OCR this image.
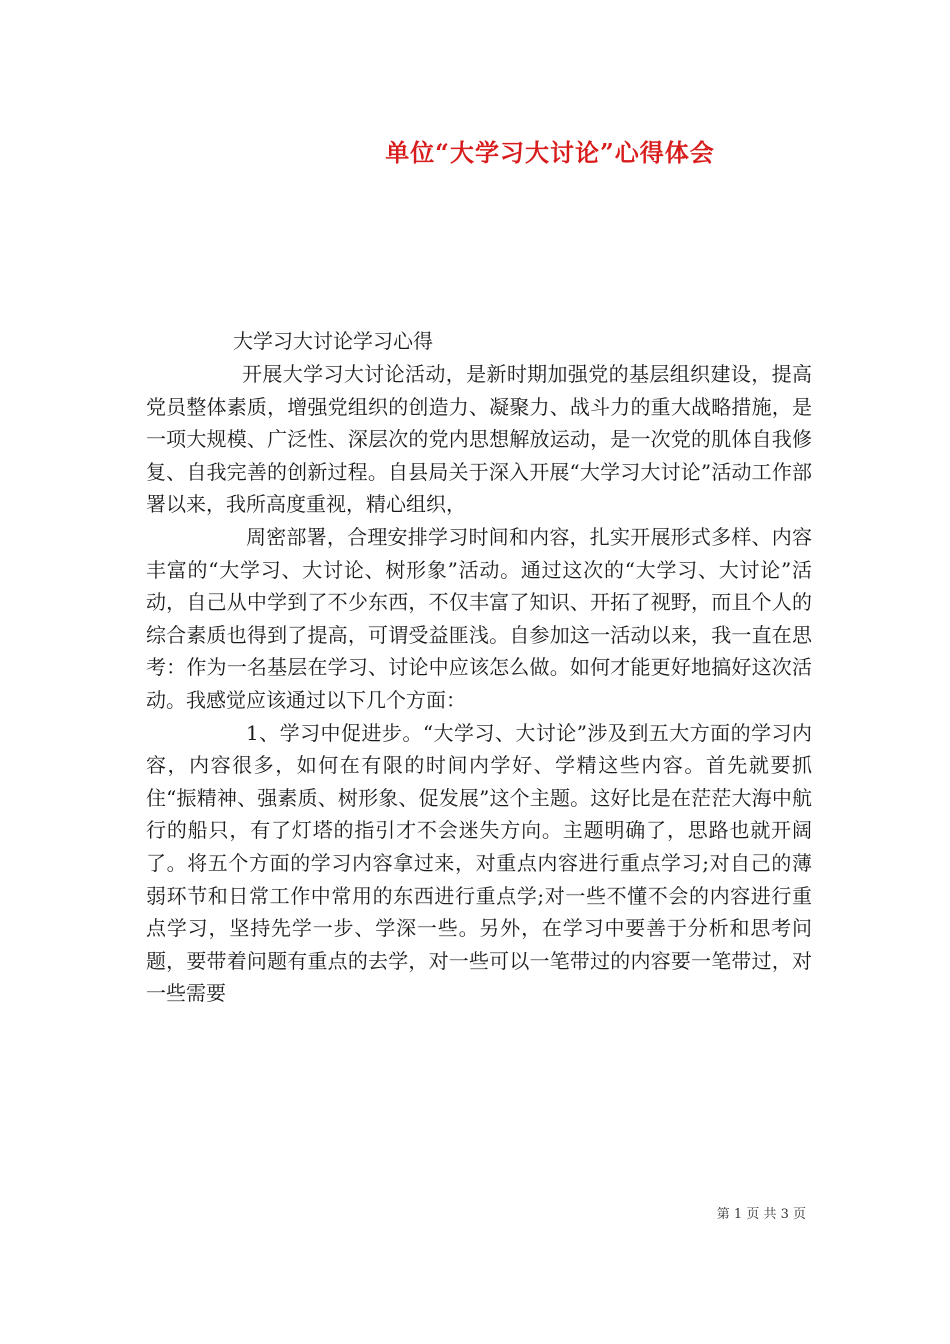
单位“大学习大讨论”心得体会
大学习大讨论学习心得

开展大学习大讨论活动，是新时期加强党的基层组织建设，提高党员整体素质，增强党组织的创造力、凝聚力、战斗力的重大战略措施，是一项大规模、广泛性、深层次的党内思想解放运动，是一次党的肌体自我修复、自我完善的创新过程。自县局关于深入开展“大学习大讨论”活动工作部署以来，我所高度重视，精心组织，

周密部署，合理安排学习时间和内容，扎实开展形式多样、内容丰富的“大学习、大讨论、树形象”活动。通过这次的“大学习、大讨论”活动，自己从中学到了不少东西，不仅丰富了知识、开拓了视野，而且个人的综合素质也得到了提高，可谓受益匪浅。自参加这一活动以来，我一直在思考：作为一名基层在学习、讨论中应该怎么做。如何才能更好地搞好这次活动。我感觉应该通过以下几个方面：

1、学习中促进步。“大学习、大讨论”涉及到五大方面的学习内容，内容很多，如何在有限的时间内学好、学精这些内容。首先就要抓住“振精神、强素质、树形象、促发展”这个主题。这好比是在茫茫大海中航行的船只，有了灯塔的指引才不会迷失方向。主题明确了，思路也就开阔了。将五个方面的学习内容拿过来，对重点内容进行重点学习;对自己的薄弱环节和日常工作中常用的东西进行重点学;对一些不懂不会的内容进行重点学习，坚持先学一步、学深一些。另外，在学习中要善于分析和思考问题，要带着问题有重点的去学，对一些可以一笔带过的内容要一笔带过，对一些需要

第 1 页 共 3 页
